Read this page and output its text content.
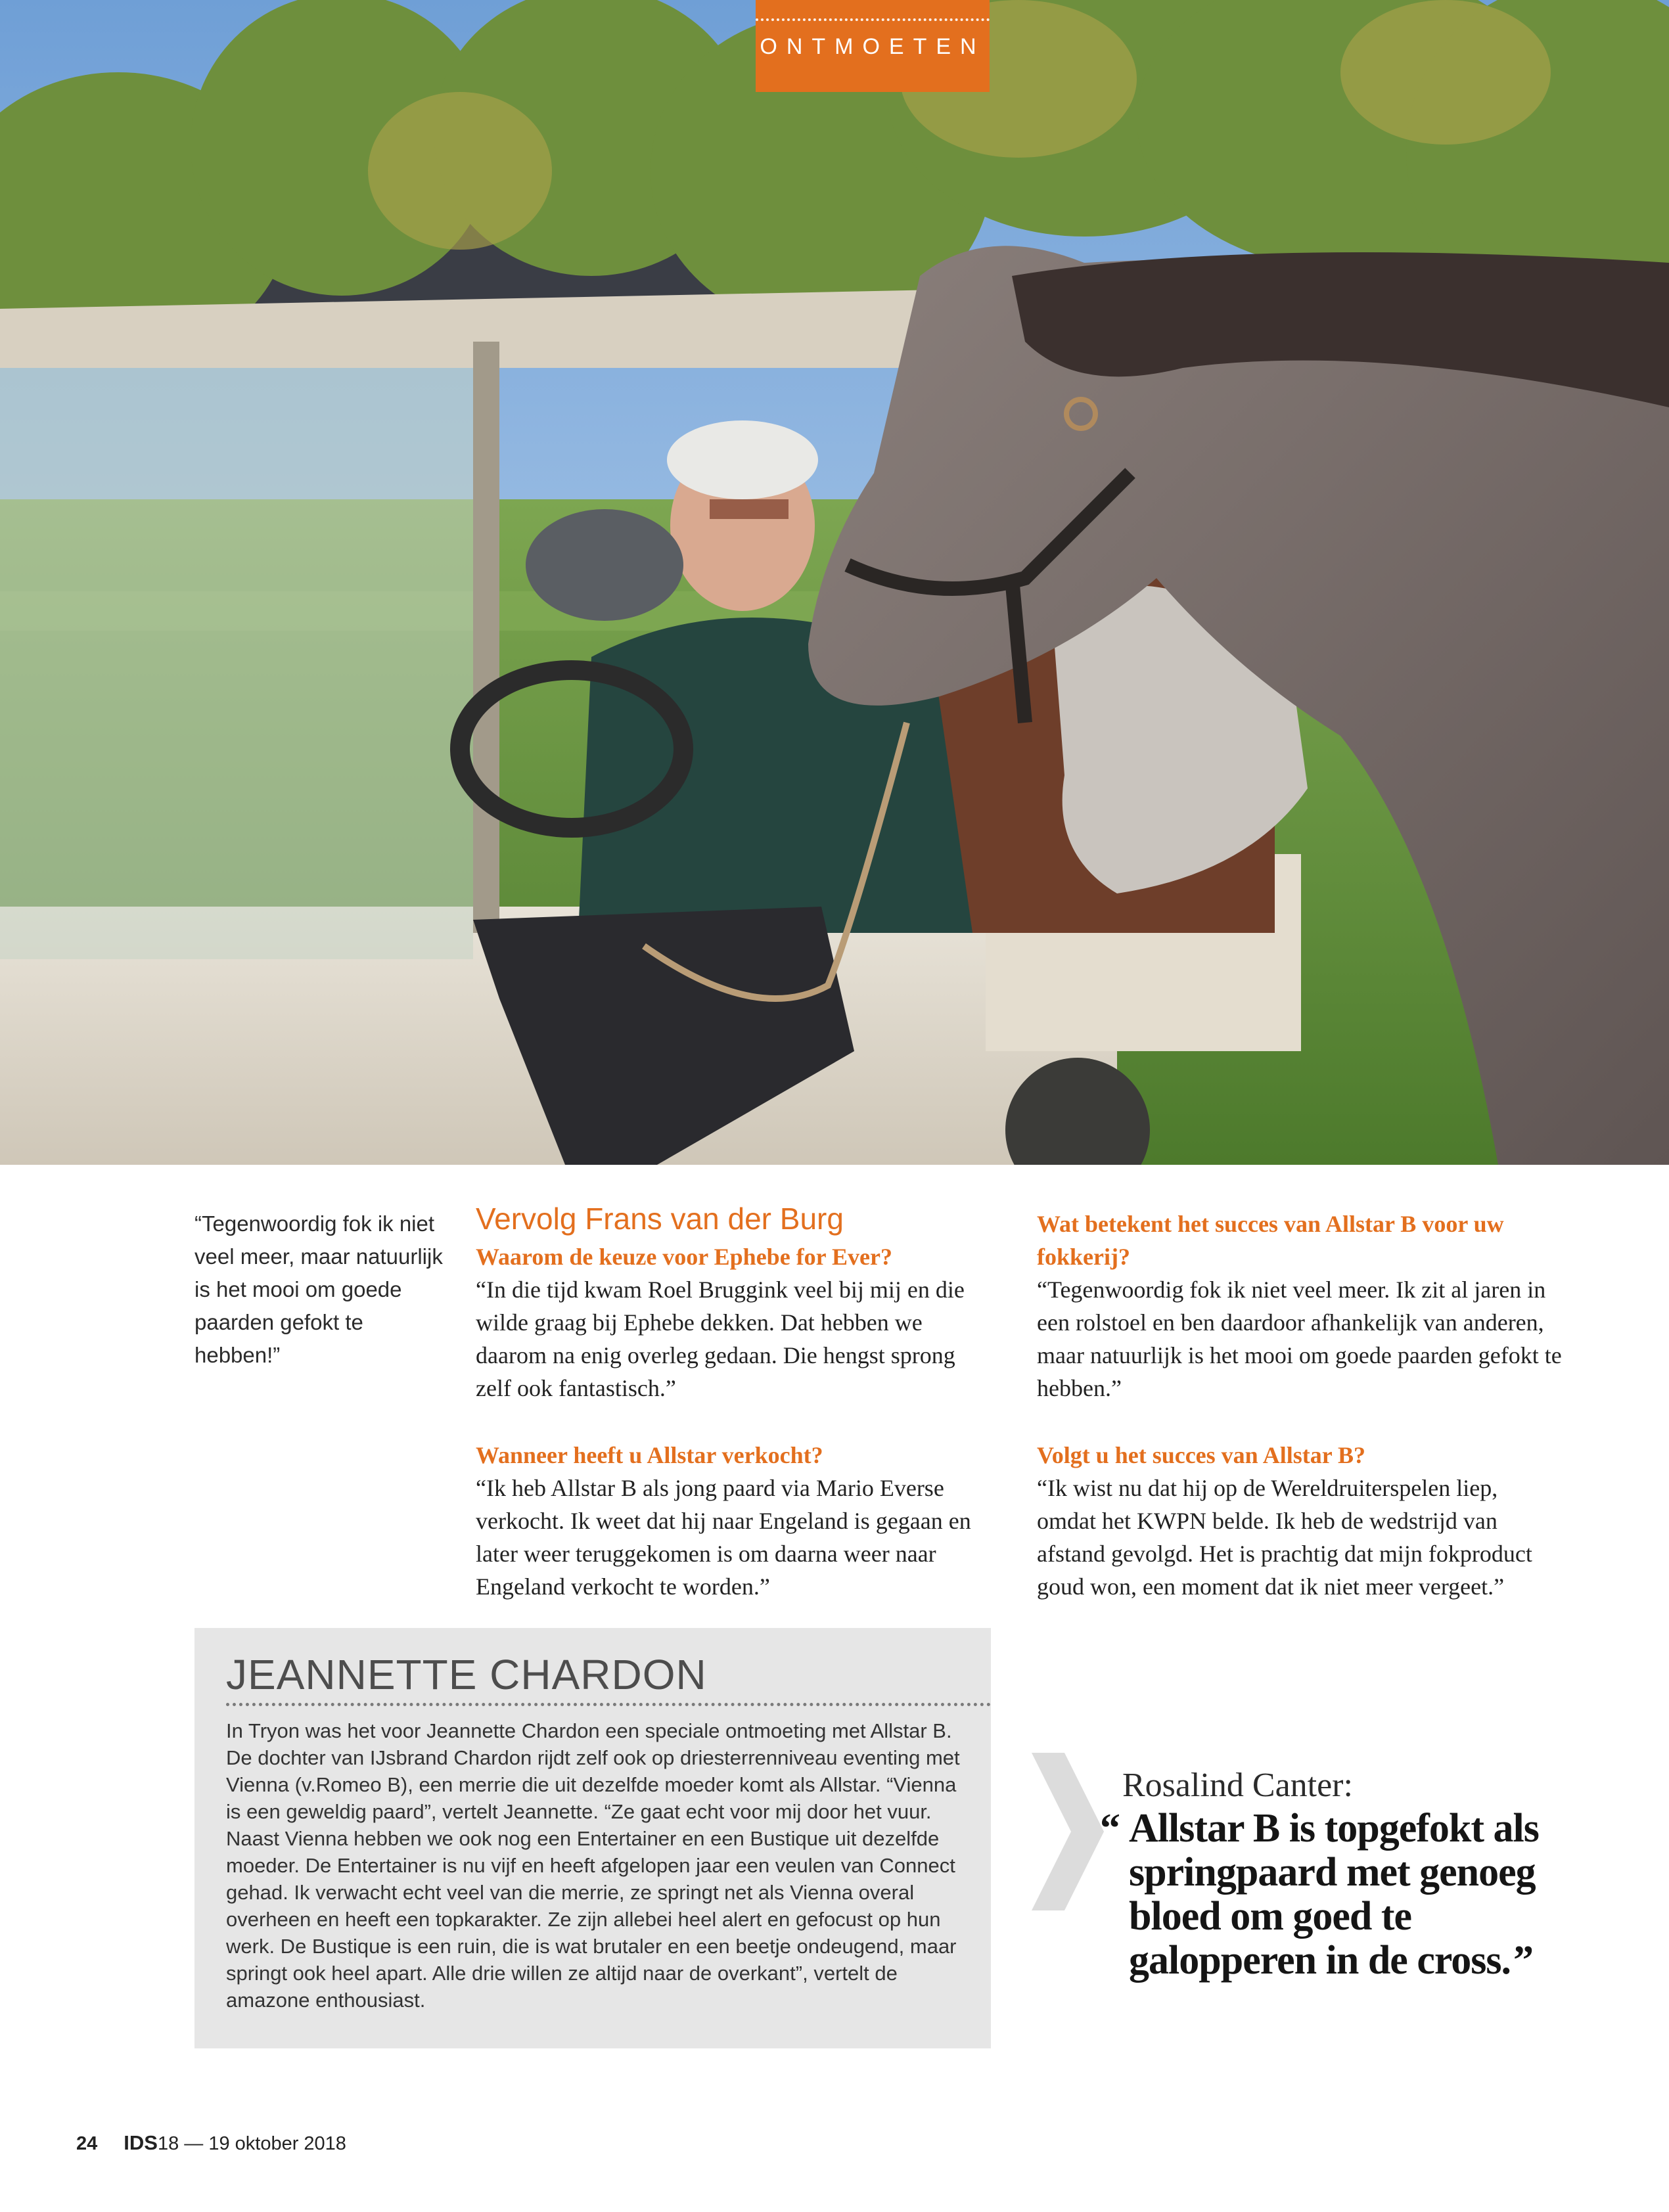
ONTMOETEN
“Tegenwoordig fok ik niet veel meer, maar natuurlijk is het mooi om goede paarden gefokt te hebben!”
Vervolg Frans van der Burg

Waarom de keuze voor Ephebe for Ever?

“In die tijd kwam Roel Bruggink veel bij mij en die wilde graag bij Ephebe dekken. Dat hebben we daarom na enig overleg gedaan. Die hengst sprong zelf ook fantastisch.”

Wanneer heeft u Allstar verkocht?

“Ik heb Allstar B als jong paard via Mario Everse verkocht. Ik weet dat hij naar Engeland is gegaan en later weer teruggekomen is om daarna weer naar Engeland verkocht te worden.”

Wat betekent het succes van Allstar B voor uw fokkerij?

“Tegenwoordig fok ik niet veel meer. Ik zit al jaren in een rolstoel en ben daardoor afhankelijk van anderen, maar natuurlijk is het mooi om goede paarden gefokt te hebben.”

Volgt u het succes van Allstar B?

“Ik wist nu dat hij op de Wereldruiterspelen liep, omdat het KWPN belde. Ik heb de wedstrijd van afstand gevolgd. Het is prachtig dat mijn fokproduct goud won, een moment dat ik niet meer vergeet.”

JEANNETTE CHARDON
In Tryon was het voor Jeannette Chardon een speciale ontmoeting met Allstar B. De dochter van IJsbrand Chardon rijdt zelf ook op driesterrenniveau eventing met Vienna (v.Romeo B), een merrie die uit dezelfde moeder komt als Allstar. “Vienna is een geweldig paard”, vertelt Jeannette. “Ze gaat echt voor mij door het vuur. Naast Vienna hebben we ook nog een Entertainer en een Bustique uit dezelfde moeder. De Entertainer is nu vijf en heeft afgelopen jaar een veulen van Connect gehad. Ik verwacht echt veel van die merrie, ze springt net als Vienna overal overheen en heeft een topkarakter. Ze zijn allebei heel alert en gefocust op hun werk. De Bustique is een ruin, die is wat brutaler en een beetje ondeugend, maar springt ook heel apart. Alle drie willen ze altijd naar de overkant”, vertelt de amazone enthousiast.
Rosalind Canter:
“ Allstar B is topgefokt als springpaard met genoeg bloed om goed te galopperen in de cross.”
24 IDS18 — 19 oktober 2018
